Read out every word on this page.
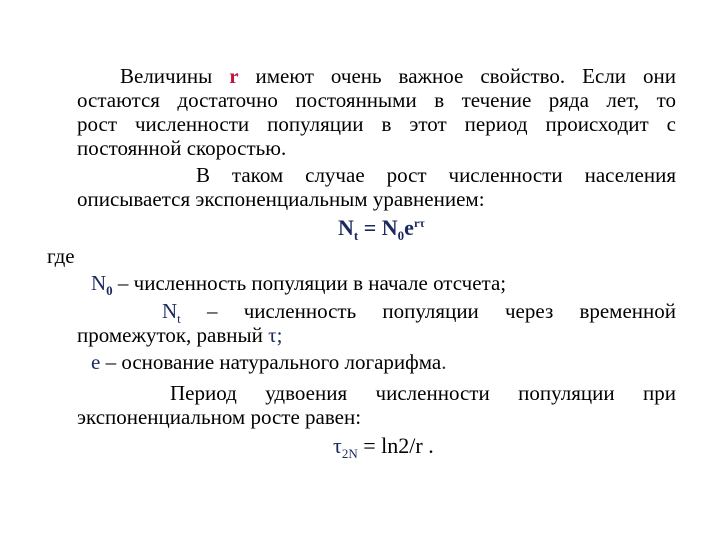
Величины r имеют очень важное свойство. Если они
остаются достаточно постоянными в течение ряда лет, то
рост численности популяции в этот период происходит с
постоянной скоростью.
В таком случае рост численности населения
описывается экспоненциальным уравнением:
$N_t = N_0e^{r\tau}$
где
$N_0$ – численность популяции в начале отсчета;
$N_t$ – численность популяции через временной
промежуток, равный τ;
е – основание натурального логарифма.
Период удвоения численности популяции при
экспоненциальном росте равен:
$\tau_{2N} = \ln 2/r$ .
